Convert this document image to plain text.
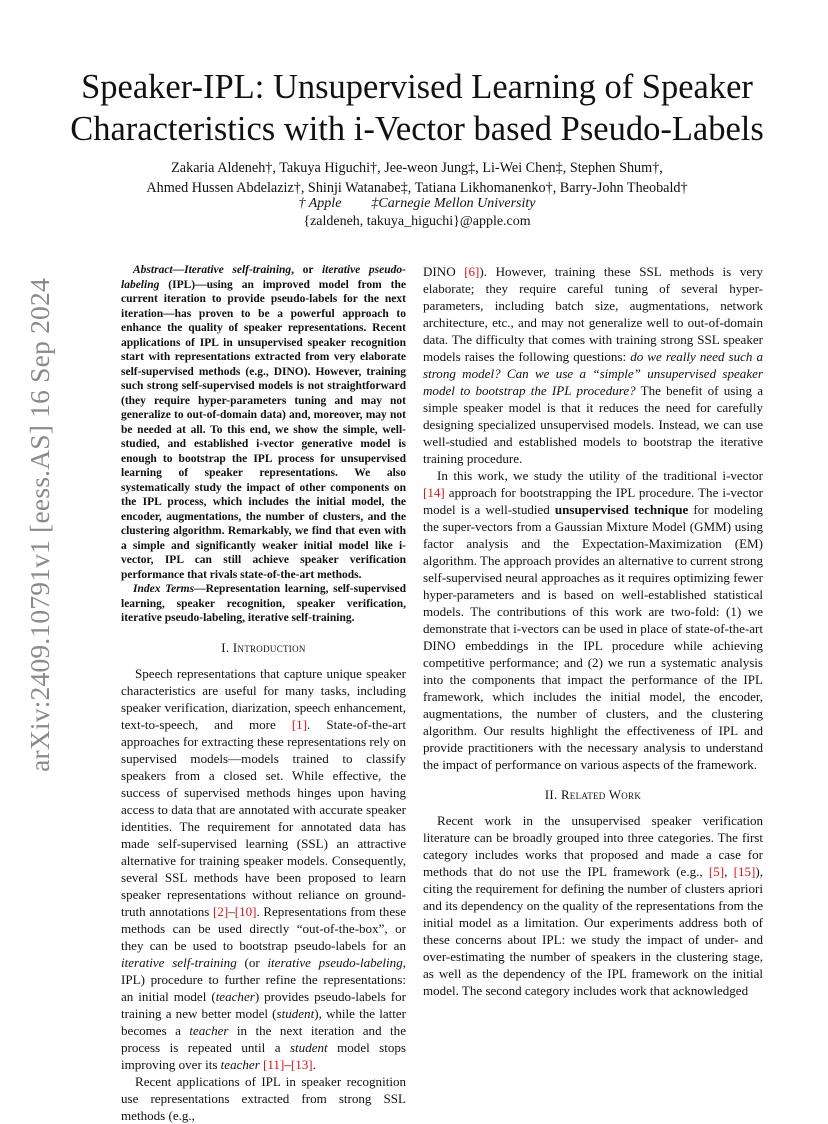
arXiv:2409.10791v1 [eess.AS] 16 Sep 2024
Speaker-IPL: Unsupervised Learning of Speaker
Characteristics with i-Vector based Pseudo-Labels
Zakaria Aldeneh†, Takuya Higuchi†, Jee-weon Jung‡, Li-Wei Chen‡, Stephen Shum†,
Ahmed Hussen Abdelaziz†, Shinji Watanabe‡, Tatiana Likhomanenko†, Barry-John Theobald†
† Apple ‡Carnegie Mellon University
{zaldeneh, takuya_higuchi}@apple.com

Abstract—Iterative self-training, or iterative pseudo-labeling (IPL)—using an improved model from the current iteration to provide pseudo-labels for the next iteration—has proven to be a powerful approach to enhance the quality of speaker representations. Recent applications of IPL in unsupervised speaker recognition start with representations extracted from very elaborate self-supervised methods (e.g., DINO). However, training such strong self-supervised models is not straightforward (they require hyper-parameters tuning and may not generalize to out-of-domain data) and, moreover, may not be needed at all. To this end, we show the simple, well-studied, and established i-vector generative model is enough to bootstrap the IPL process for unsupervised learning of speaker representations. We also systematically study the impact of other components on the IPL process, which includes the initial model, the encoder, augmentations, the number of clusters, and the clustering algorithm. Remarkably, we find that even with a simple and significantly weaker initial model like i-vector, IPL can still achieve speaker verification performance that rivals state-of-the-art methods.

Index Terms—Representation learning, self-supervised learning, speaker recognition, speaker verification, iterative pseudo-labeling, iterative self-training.

I. Introduction

Speech representations that capture unique speaker characteristics are useful for many tasks, including speaker verification, diarization, speech enhancement, text-to-speech, and more [1]. State-of-the-art approaches for extracting these representations rely on supervised models—models trained to classify speakers from a closed set. While effective, the success of supervised methods hinges upon having access to data that are annotated with accurate speaker identities. The requirement for annotated data has made self-supervised learning (SSL) an attractive alternative for training speaker models. Consequently, several SSL methods have been proposed to learn speaker representations without reliance on ground-truth annotations [2]–[10]. Representations from these methods can be used directly “out-of-the-box”, or they can be used to bootstrap pseudo-labels for an iterative self-training (or iterative pseudo-labeling, IPL) procedure to further refine the representations: an initial model (teacher) provides pseudo-labels for training a new better model (student), while the latter becomes a teacher in the next iteration and the process is repeated until a student model stops improving over its teacher [11]–[13].

Recent applications of IPL in speaker recognition use representations extracted from strong SSL methods (e.g.,

DINO [6]). However, training these SSL methods is very elaborate; they require careful tuning of several hyper-parameters, including batch size, augmentations, network architecture, etc., and may not generalize well to out-of-domain data. The difficulty that comes with training strong SSL speaker models raises the following questions: do we really need such a strong model? Can we use a “simple” unsupervised speaker model to bootstrap the IPL procedure? The benefit of using a simple speaker model is that it reduces the need for carefully designing specialized unsupervised models. Instead, we can use well-studied and established models to bootstrap the iterative training procedure.

In this work, we study the utility of the traditional i-vector [14] approach for bootstrapping the IPL procedure. The i-vector model is a well-studied unsupervised technique for modeling the super-vectors from a Gaussian Mixture Model (GMM) using factor analysis and the Expectation-Maximization (EM) algorithm. The approach provides an alternative to current strong self-supervised neural approaches as it requires optimizing fewer hyper-parameters and is based on well-established statistical models. The contributions of this work are two-fold: (1) we demonstrate that i-vectors can be used in place of state-of-the-art DINO embeddings in the IPL procedure while achieving competitive performance; and (2) we run a systematic analysis into the components that impact the performance of the IPL framework, which includes the initial model, the encoder, augmentations, the number of clusters, and the clustering algorithm. Our results highlight the effectiveness of IPL and provide practitioners with the necessary analysis to understand the impact of performance on various aspects of the framework.

II. Related Work

Recent work in the unsupervised speaker verification literature can be broadly grouped into three categories. The first category includes works that proposed and made a case for methods that do not use the IPL framework (e.g., [5], [15]), citing the requirement for defining the number of clusters apriori and its dependency on the quality of the representations from the initial model as a limitation. Our experiments address both of these concerns about IPL: we study the impact of under- and over-estimating the number of speakers in the clustering stage, as well as the dependency of the IPL framework on the initial model. The second category includes work that acknowledged
